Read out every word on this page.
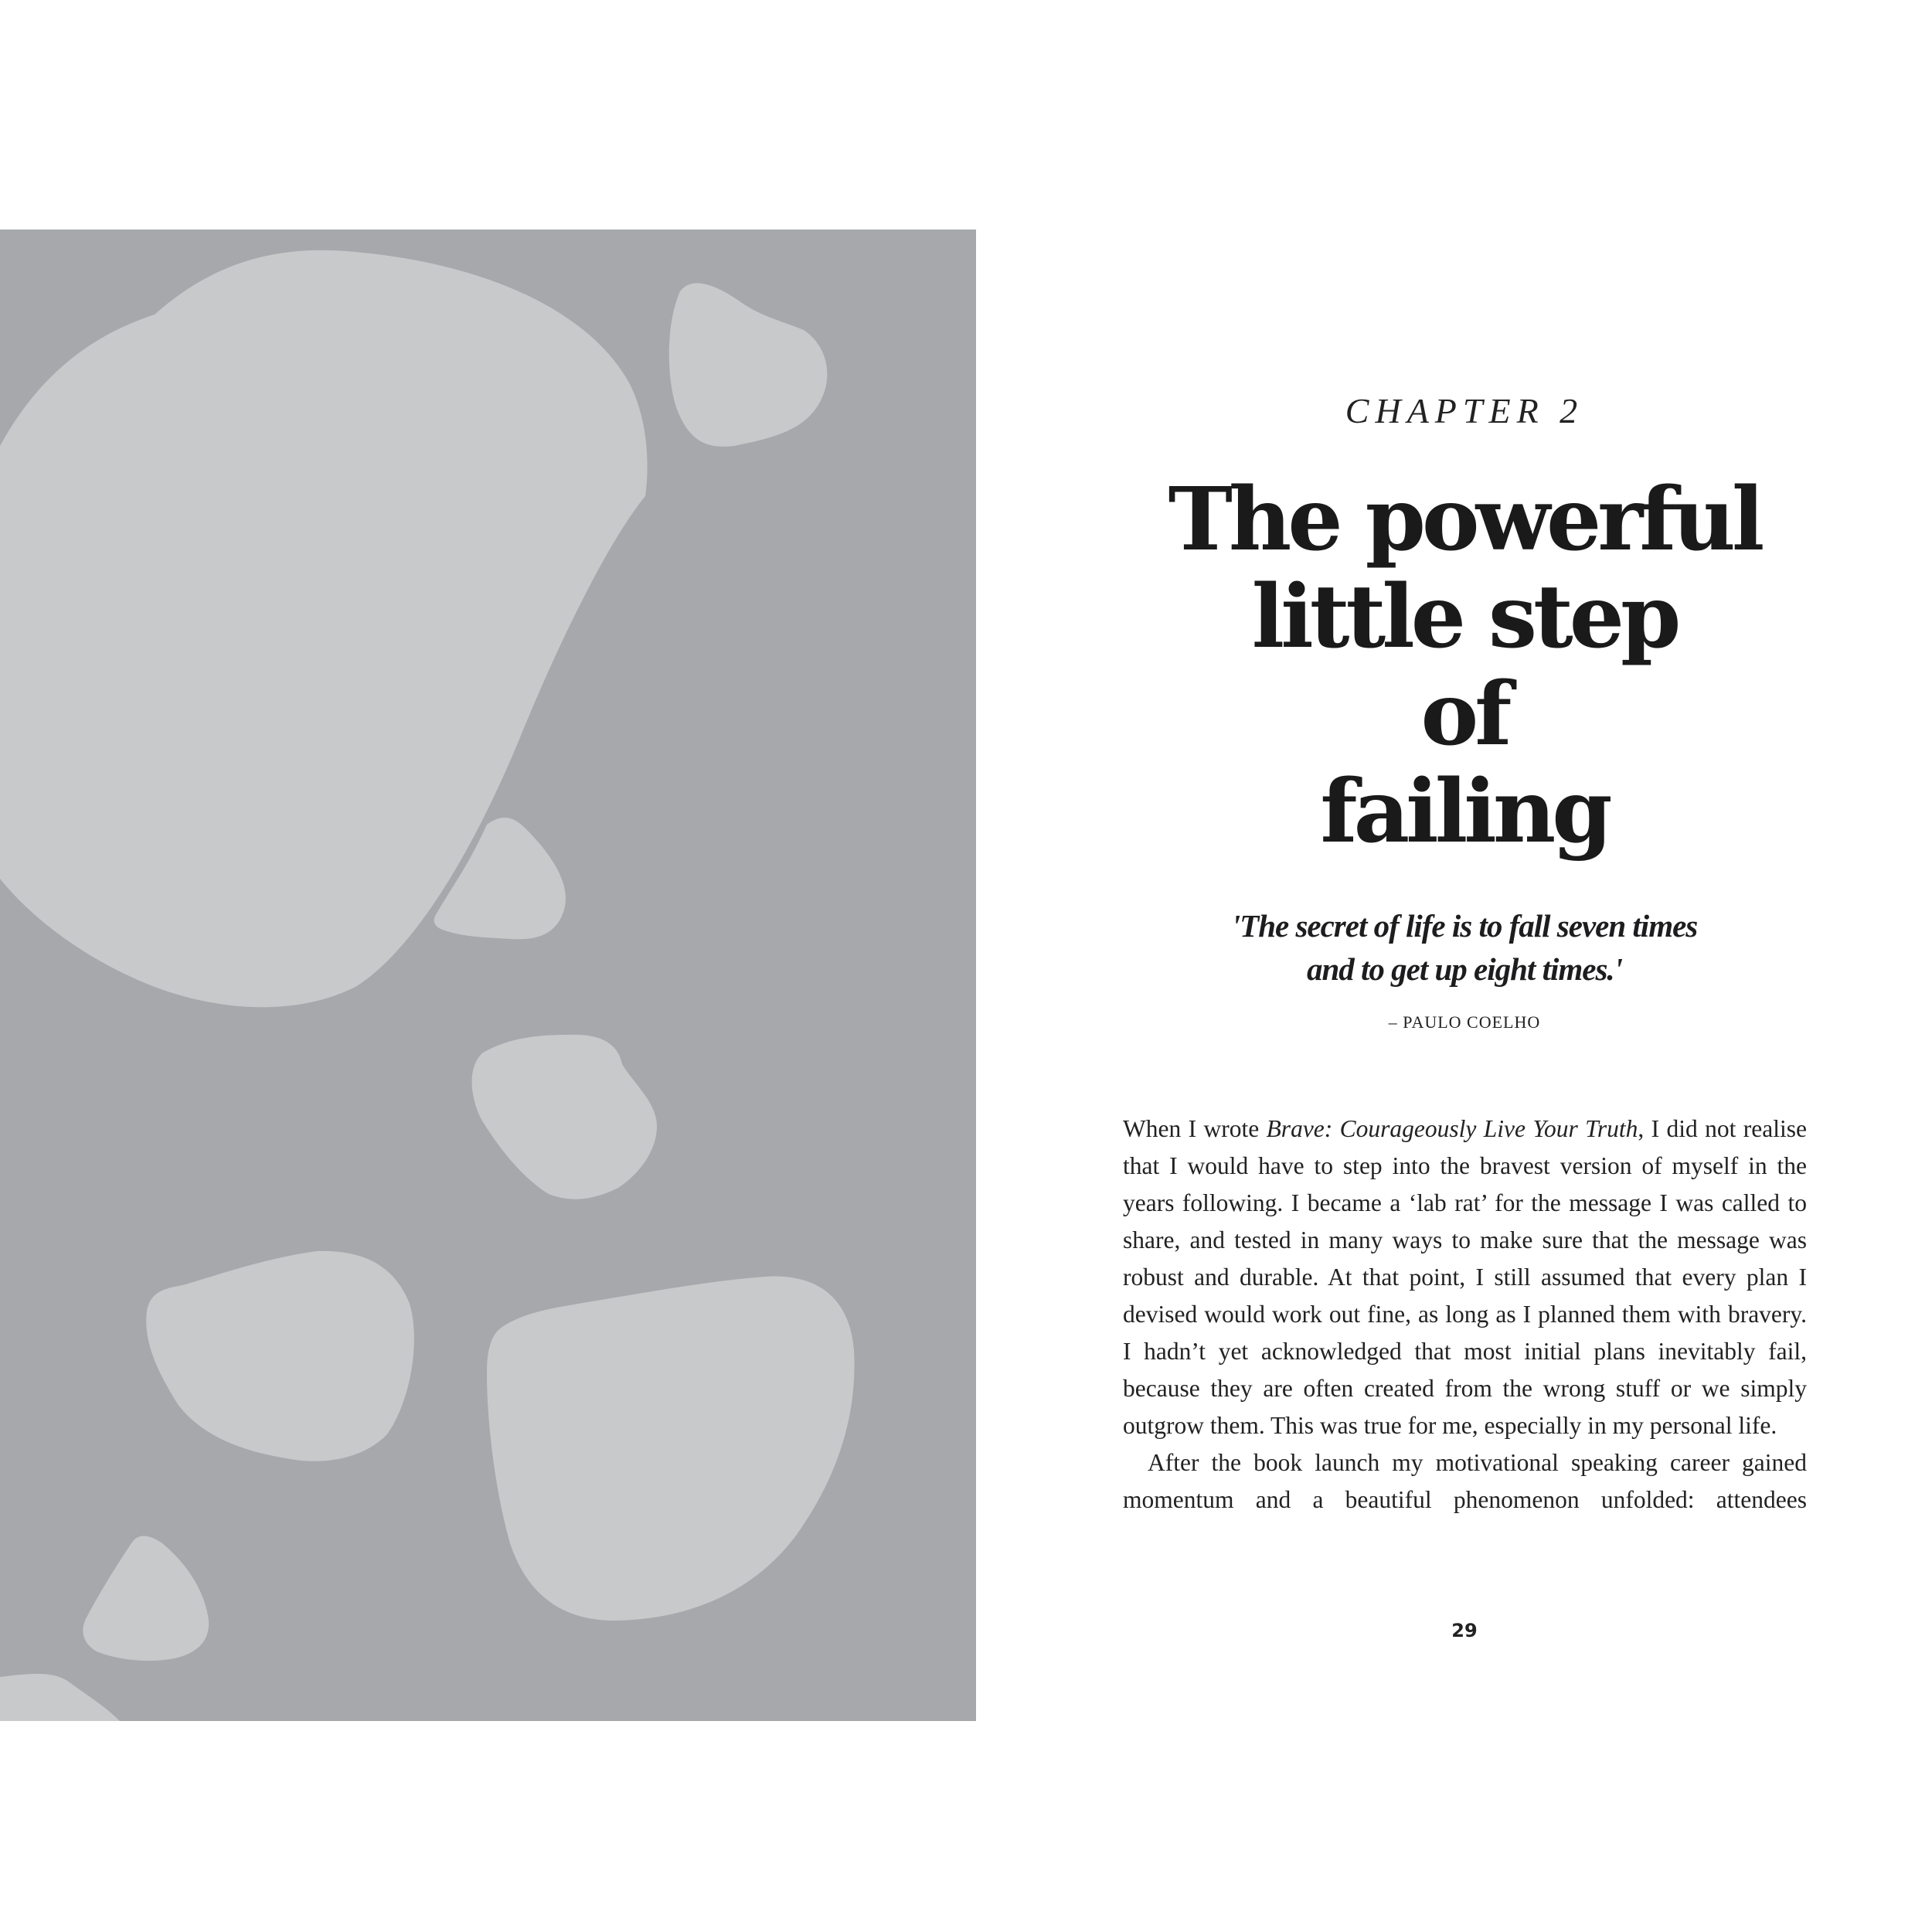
CHAPTER 2

The powerful
little step
of
failing
'The secret of life is to fall seven times
and to get up eight times.'

– PAULO COELHO

When I wrote Brave: Courageously Live Your Truth, I did not realise that I would have to step into the bravest version of myself in the years following. I became a ‘lab rat’ for the message I was called to share, and tested in many ways to make sure that the message was robust and durable. At that point, I still assumed that every plan I devised would work out fine, as long as I planned them with bravery. I hadn’t yet acknowledged that most initial plans inevitably fail, because they are often created from the wrong stuff or we simply outgrow them. This was true for me, especially in my personal life.

After the book launch my motivational speaking career gained momentum and a beautiful phenomenon unfolded: attendees

29
